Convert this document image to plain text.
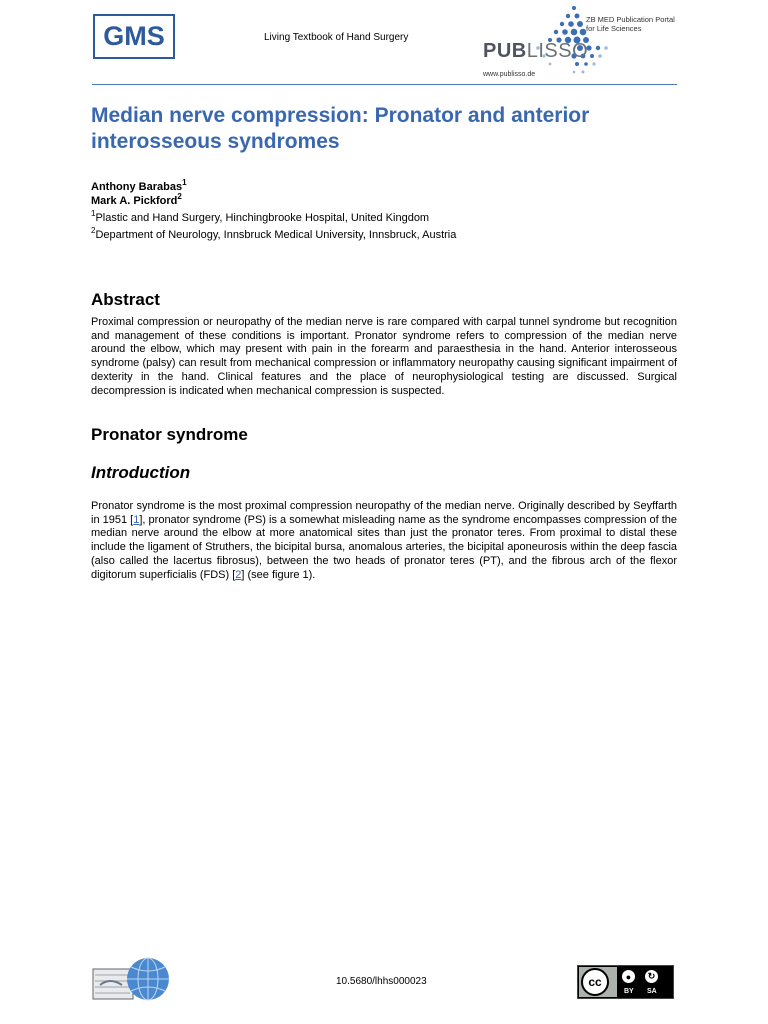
GMS	Living Textbook of Hand Surgery
PUBLISSO
ZB MED Publication Portal
for Life Sciences
www.publisso.de
Median nerve compression: Pronator and anterior interosseous syndromes
Anthony Barabas$^1$
Mark A. Pickford$^2$

$^1$Plastic and Hand Surgery, Hinchingbrooke Hospital, United Kingdom

$^2$Department of Neurology, Innsbruck Medical University, Innsbruck, Austria

Abstract

Proximal compression or neuropathy of the median nerve is rare compared with carpal tunnel syndrome but recognition and management of these conditions is important. Pronator syndrome refers to compression of the median nerve around the elbow, which may present with pain in the forearm and paraesthesia in the hand. Anterior interosseous syndrome (palsy) can result from mechanical compression or inflammatory neuropathy causing significant impairment of dexterity in the hand. Clinical features and the place of neurophysiological testing are discussed. Surgical decompression is indicated when mechanical compression is suspected.

Pronator syndrome
Introduction

Pronator syndrome is the most proximal compression neuropathy of the median nerve. Originally described by Seyffarth in 1951 [1], pronator syndrome (PS) is a somewhat misleading name as the syndrome encompasses compression of the median nerve around the elbow at more anatomical sites than just the pronator teres. From proximal to distal these include the ligament of Struthers, the bicipital bursa, anomalous arteries, the bicipital aponeurosis within the deep fascia (also called the lacertus fibrosus), between the two heads of pronator teres (PT), and the fibrous arch of the flexor digitorum superficialis (FDS) [2] (see figure 1).

10.5680/lhhs000023	cc	●	↻
BY SA
